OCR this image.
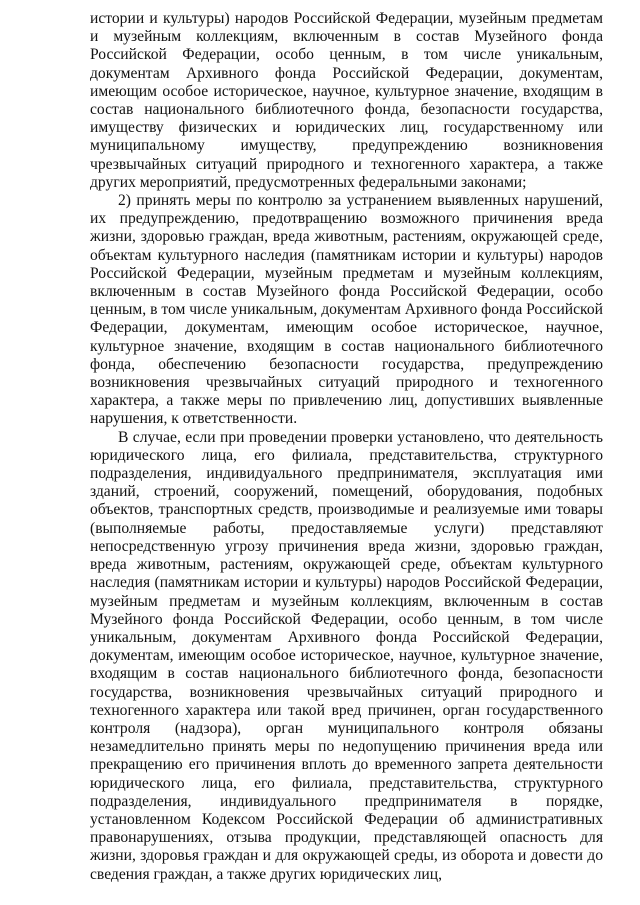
истории и культуры) народов Российской Федерации, музейным предметам и музейным коллекциям, включенным в состав Музейного фонда Российской Федерации, особо ценным, в том числе уникальным, документам Архивного фонда Российской Федерации, документам, имеющим особое историческое, научное, культурное значение, входящим в состав национального библиотечного фонда, безопасности государства, имуществу физических и юридических лиц, государственному или муниципальному имуществу, предупреждению возникновения чрезвычайных ситуаций природного и техногенного характера, а также других мероприятий, предусмотренных федеральными законами;

2) принять меры по контролю за устранением выявленных нарушений, их предупреждению, предотвращению возможного причинения вреда жизни, здоровью граждан, вреда животным, растениям, окружающей среде, объектам культурного наследия (памятникам истории и культуры) народов Российской Федерации, музейным предметам и музейным коллекциям, включенным в состав Музейного фонда Российской Федерации, особо ценным, в том числе уникальным, документам Архивного фонда Российской Федерации, документам, имеющим особое историческое, научное, культурное значение, входящим в состав национального библиотечного фонда, обеспечению безопасности государства, предупреждению возникновения чрезвычайных ситуаций природного и техногенного характера, а также меры по привлечению лиц, допустивших выявленные нарушения, к ответственности.

В случае, если при проведении проверки установлено, что деятельность юридического лица, его филиала, представительства, структурного подразделения, индивидуального предпринимателя, эксплуатация ими зданий, строений, сооружений, помещений, оборудования, подобных объектов, транспортных средств, производимые и реализуемые ими товары (выполняемые работы, предоставляемые услуги) представляют непосредственную угрозу причинения вреда жизни, здоровью граждан, вреда животным, растениям, окружающей среде, объектам культурного наследия (памятникам истории и культуры) народов Российской Федерации, музейным предметам и музейным коллекциям, включенным в состав Музейного фонда Российской Федерации, особо ценным, в том числе уникальным, документам Архивного фонда Российской Федерации, документам, имеющим особое историческое, научное, культурное значение, входящим в состав национального библиотечного фонда, безопасности государства, возникновения чрезвычайных ситуаций природного и техногенного характера или такой вред причинен, орган государственного контроля (надзора), орган муниципального контроля обязаны незамедлительно принять меры по недопущению причинения вреда или прекращению его причинения вплоть до временного запрета деятельности юридического лица, его филиала, представительства, структурного подразделения, индивидуального предпринимателя в порядке, установленном Кодексом Российской Федерации об административных правонарушениях, отзыва продукции, представляющей опасность для жизни, здоровья граждан и для окружающей среды, из оборота и довести до сведения граждан, а также других юридических лиц,
